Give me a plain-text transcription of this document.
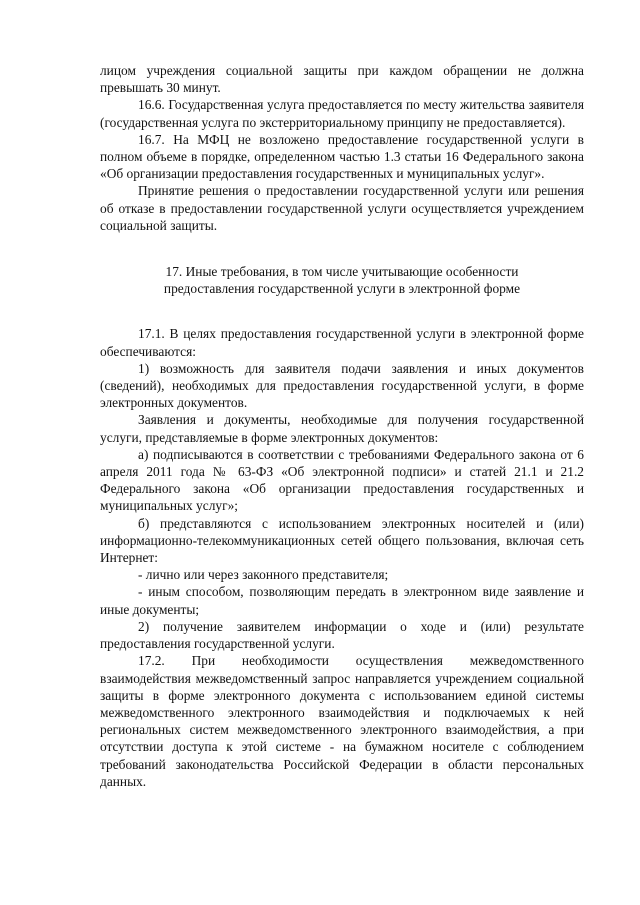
лицом учреждения социальной защиты при каждом обращении не должна превышать 30 минут.

16.6. Государственная услуга предоставляется по месту жительства заявителя (государственная услуга по экстерриториальному принципу не предоставляется).

16.7. На МФЦ не возложено предоставление государственной услуги в полном объеме в порядке, определенном частью 1.3 статьи 16 Федерального закона «Об организации предоставления государственных и муниципальных услуг».

Принятие решения о предоставлении государственной услуги или решения об отказе в предоставлении государственной услуги осуществляется учреждением социальной защиты.

17. Иные требования, в том числе учитывающие особенности

предоставления государственной услуги в электронной форме

17.1. В целях предоставления государственной услуги в электронной форме обеспечиваются:

1) возможность для заявителя подачи заявления и иных документов (сведений), необходимых для предоставления государственной услуги, в форме электронных документов.

Заявления и документы, необходимые для получения государственной услуги, представляемые в форме электронных документов:

а) подписываются в соответствии с требованиями Федерального закона от 6 апреля 2011 года № 63-ФЗ «Об электронной подписи» и статей 21.1 и 21.2 Федерального закона «Об организации предоставления государственных и муниципальных услуг»;

б) представляются с использованием электронных носителей и (или) информационно-телекоммуникационных сетей общего пользования, включая сеть Интернет:

- лично или через законного представителя;

- иным способом, позволяющим передать в электронном виде заявление и иные документы;

2) получение заявителем информации о ходе и (или) результате предоставления государственной услуги.

17.2. При необходимости осуществления межведомственного взаимодействия межведомственный запрос направляется учреждением социальной защиты в форме электронного документа с использованием единой системы межведомственного электронного взаимодействия и подключаемых к ней региональных систем межведомственного электронного взаимодействия, а при отсутствии доступа к этой системе - на бумажном носителе с соблюдением требований законодательства Российской Федерации в области персональных данных.
